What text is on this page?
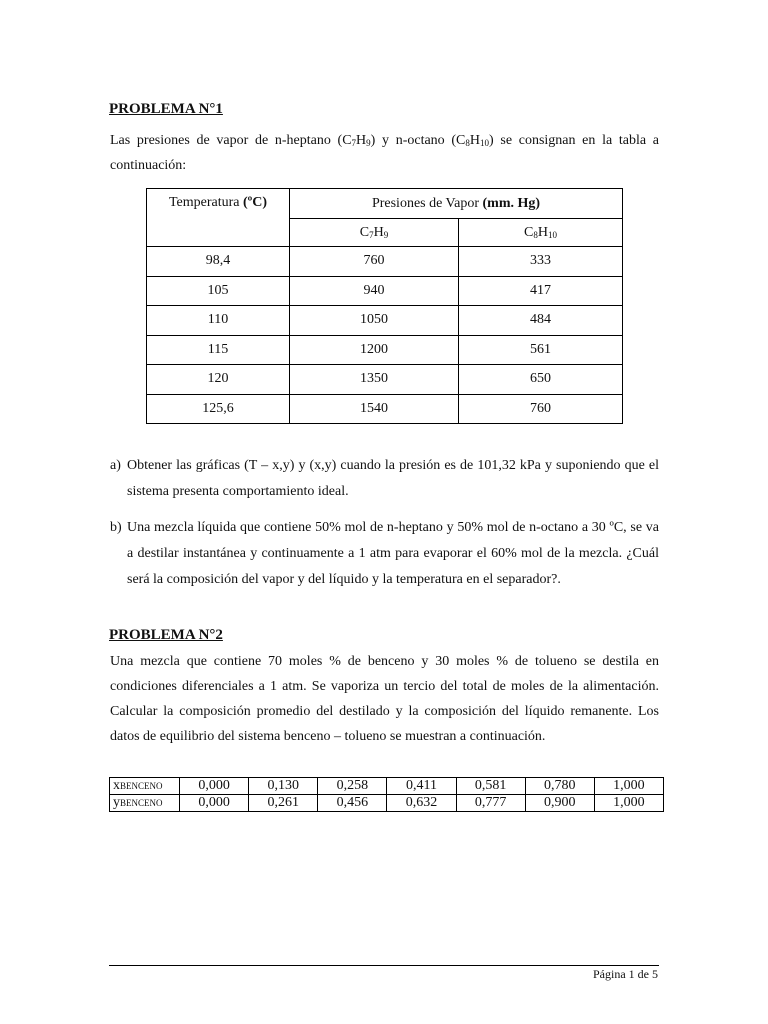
PROBLEMA N°1
Las presiones de vapor de n-heptano $(C_7H_9)$ y n-octano $(C_8H_{10})$ se consignan en la tabla a continuación:
Temperatura (ºC)	Presiones de Vapor (mm. Hg)	
	$C_7H_9$	$C_8H_{10}$
98,4	760	333
105	940	417
110	1050	484
115	1200	561
120	1350	650
125,6	1540	760
a) Obtener las gráficas (T – x,y) y (x,y) cuando la presión es de 101,32 kPa y suponiendo que el sistema presenta comportamiento ideal.
b) Una mezcla líquida que contiene 50% mol de n-heptano y 50% mol de n-octano a 30 ºC, se va a destilar instantánea y continuamente a 1 atm para evaporar el 60% mol de la mezcla. ¿Cuál será la composición del vapor y del líquido y la temperatura en el separador?.
PROBLEMA N°2
Una mezcla que contiene 70 moles % de benceno y 30 moles % de tolueno se destila en condiciones diferenciales a 1 atm. Se vaporiza un tercio del total de moles de la alimentación. Calcular la composición promedio del destilado y la composición del líquido remanente. Los datos de equilibrio del sistema benceno – tolueno se muestran a continuación.
xBENCENO	0,000	0,130	0,258	0,411	0,581	0,780	1,000
yBENCENO	0,000	0,261	0,456	0,632	0,777	0,900	1,000
Página 1 de 5
